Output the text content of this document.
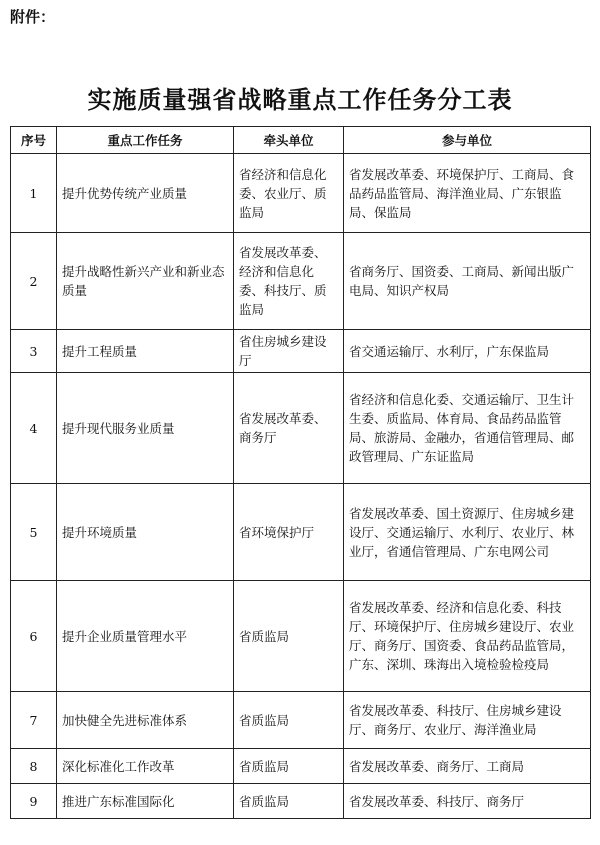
附件：
实施质量强省战略重点工作任务分工表
序号	重点工作任务	牵头单位	参与单位
1	提升优势传统产业质量	省经济和信息化委、农业厅、质监局	省发展改革委、环境保护厅、工商局、食品药品监管局、海洋渔业局、广东银监局、保监局
2	提升战略性新兴产业和新业态质量	省发展改革委、经济和信息化委、科技厅、质监局	省商务厅、国资委、工商局、新闻出版广电局、知识产权局
3	提升工程质量	省住房城乡建设厅	省交通运输厅、水利厅，广东保监局
4	提升现代服务业质量	省发展改革委、商务厅	省经济和信息化委、交通运输厅、卫生计生委、质监局、体育局、食品药品监管局、旅游局、金融办，省通信管理局、邮政管理局、广东证监局
5	提升环境质量	省环境保护厅	省发展改革委、国土资源厅、住房城乡建设厅、交通运输厅、水利厅、农业厅、林业厅，省通信管理局、广东电网公司
6	提升企业质量管理水平	省质监局	省发展改革委、经济和信息化委、科技厅、环境保护厅、住房城乡建设厅、农业厅、商务厅、国资委、食品药品监管局，广东、深圳、珠海出入境检验检疫局
7	加快健全先进标准体系	省质监局	省发展改革委、科技厅、住房城乡建设厅、商务厅、农业厅、海洋渔业局
8	深化标准化工作改革	省质监局	省发展改革委、商务厅、工商局
9	推进广东标准国际化	省质监局	省发展改革委、科技厅、商务厅
